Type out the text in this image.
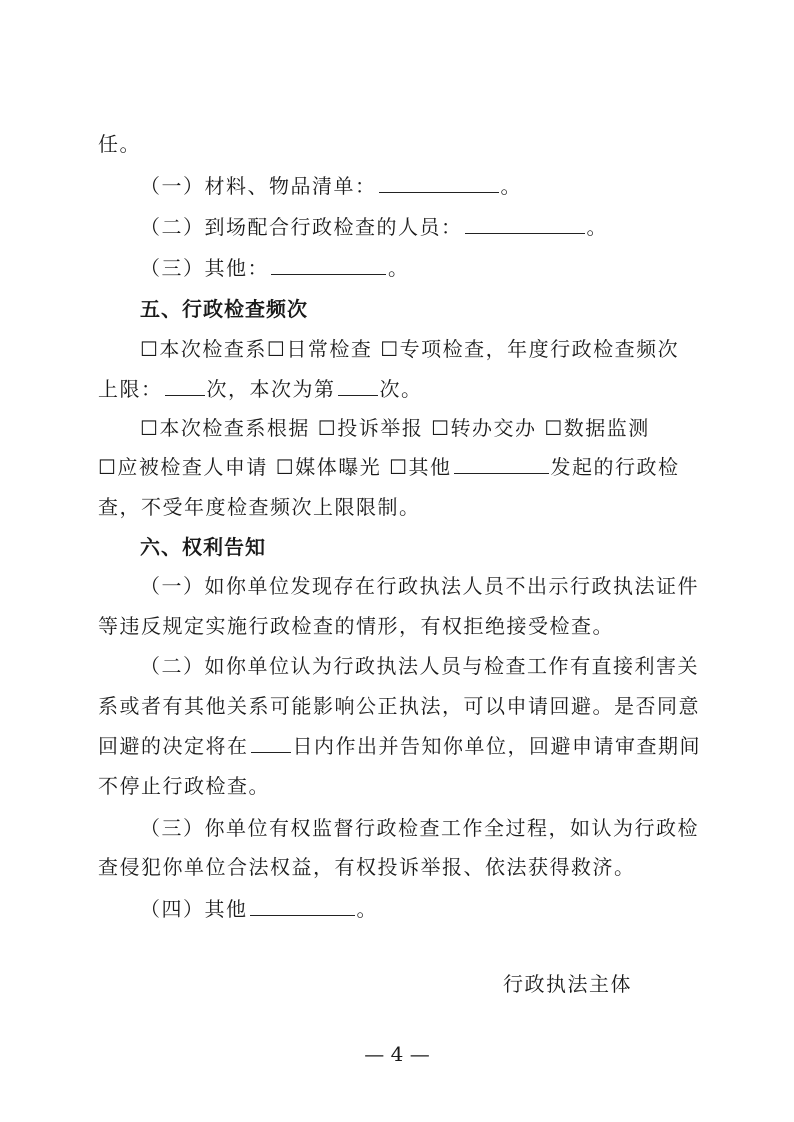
任。
（一）材料、物品清单：	。
（二）到场配合行政检查的人员：	。
（三）其他：	。
五、行政检查频次
☐本次检查系☐日常检查 ☐专项检查，年度行政检查频次
上限： 次，本次为第 次。
☐本次检查系根据 ☐投诉举报 ☐转办交办 ☐数据监测
☐应被检查人申请 ☐媒体曝光 ☐其他	发起的行政检
查，不受年度检查频次上限限制。
六、权利告知
（一）如你单位发现存在行政执法人员不出示行政执法证件
等违反规定实施行政检查的情形，有权拒绝接受检查。
（二）如你单位认为行政执法人员与检查工作有直接利害关
系或者有其他关系可能影响公正执法，可以申请回避。是否同意
回避的决定将在 日内作出并告知你单位，回避申请审查期间
不停止行政检查。
（三）你单位有权监督行政检查工作全过程，如认为行政检
查侵犯你单位合法权益，有权投诉举报、依法获得救济。
（四）其他	。
行政执法主体
— 4 —
